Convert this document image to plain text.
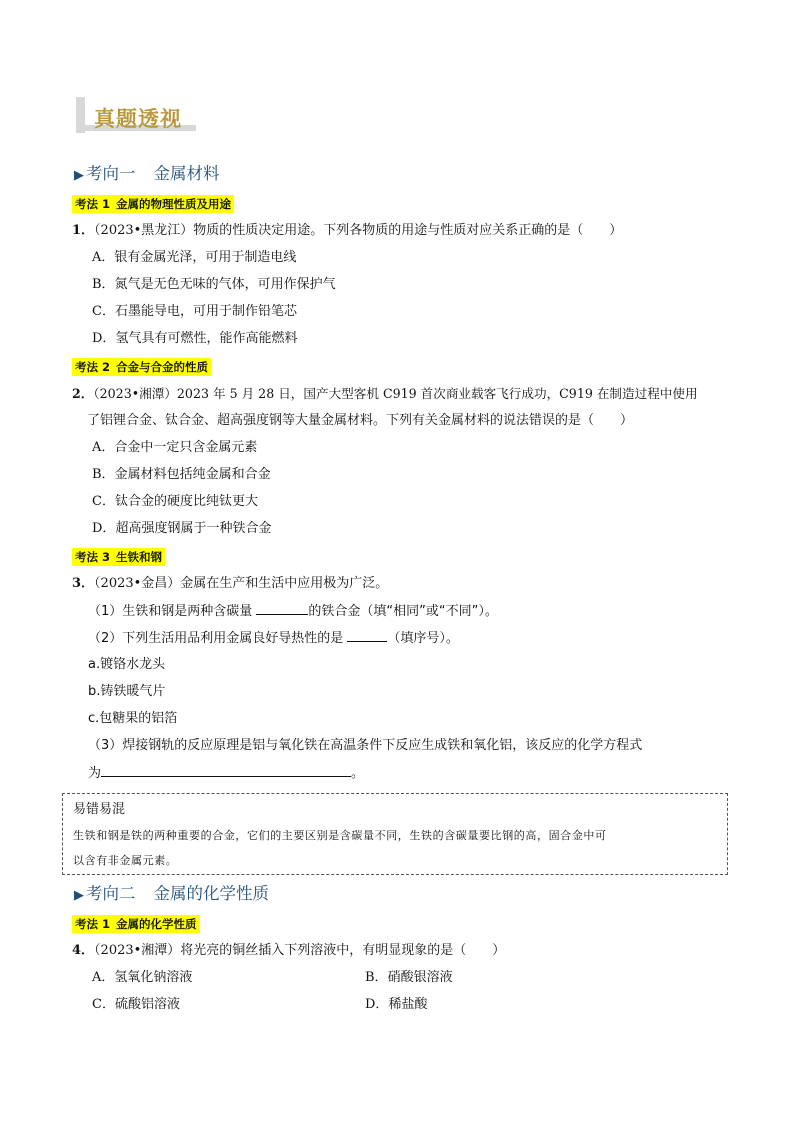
真题透视
▶ 考向一 金属材料
考法 1 金属的物理性质及用途
1．（2023•黑龙江）物质的性质决定用途。下列各物质的用途与性质对应关系正确的是（　　）
A．银有金属光泽，可用于制造电线
B．氮气是无色无味的气体，可用作保护气
C．石墨能导电，可用于制作铅笔芯
D．氢气具有可燃性，能作高能燃料
考法 2 合金与合金的性质
2．（2023•湘潭）2023 年 5 月 28 日，国产大型客机 C919 首次商业载客飞行成功，C919 在制造过程中使用
了铝锂合金、钛合金、超高强度钢等大量金属材料。下列有关金属材料的说法错误的是（　　）
A．合金中一定只含金属元素
B．金属材料包括纯金属和合金
C．钛合金的硬度比纯钛更大
D．超高强度钢属于一种铁合金
考法 3 生铁和钢
3．（2023•金昌）金属在生产和生活中应用极为广泛。
（1）生铁和钢是两种含碳量	的铁合金（填“相同”或“不同”）。
（2）下列生活用品利用金属良好导热性的是	（填序号）。
a.镀铬水龙头
b.铸铁暖气片
c.包糖果的铝箔
（3）焊接钢轨的反应原理是铝与氧化铁在高温条件下反应生成铁和氧化铝，该反应的化学方程式
为	。
易错易混
生铁和钢是铁的两种重要的合金，它们的主要区别是含碳量不同，生铁的含碳量要比钢的高，固合金中可
以含有非金属元素。
▶ 考向二 金属的化学性质
考法 1 金属的化学性质
4．（2023•湘潭）将光亮的铜丝插入下列溶液中，有明显现象的是（　　）
A．氢氧化钠溶液	B．硝酸银溶液
C．硫酸铝溶液	D．稀盐酸
